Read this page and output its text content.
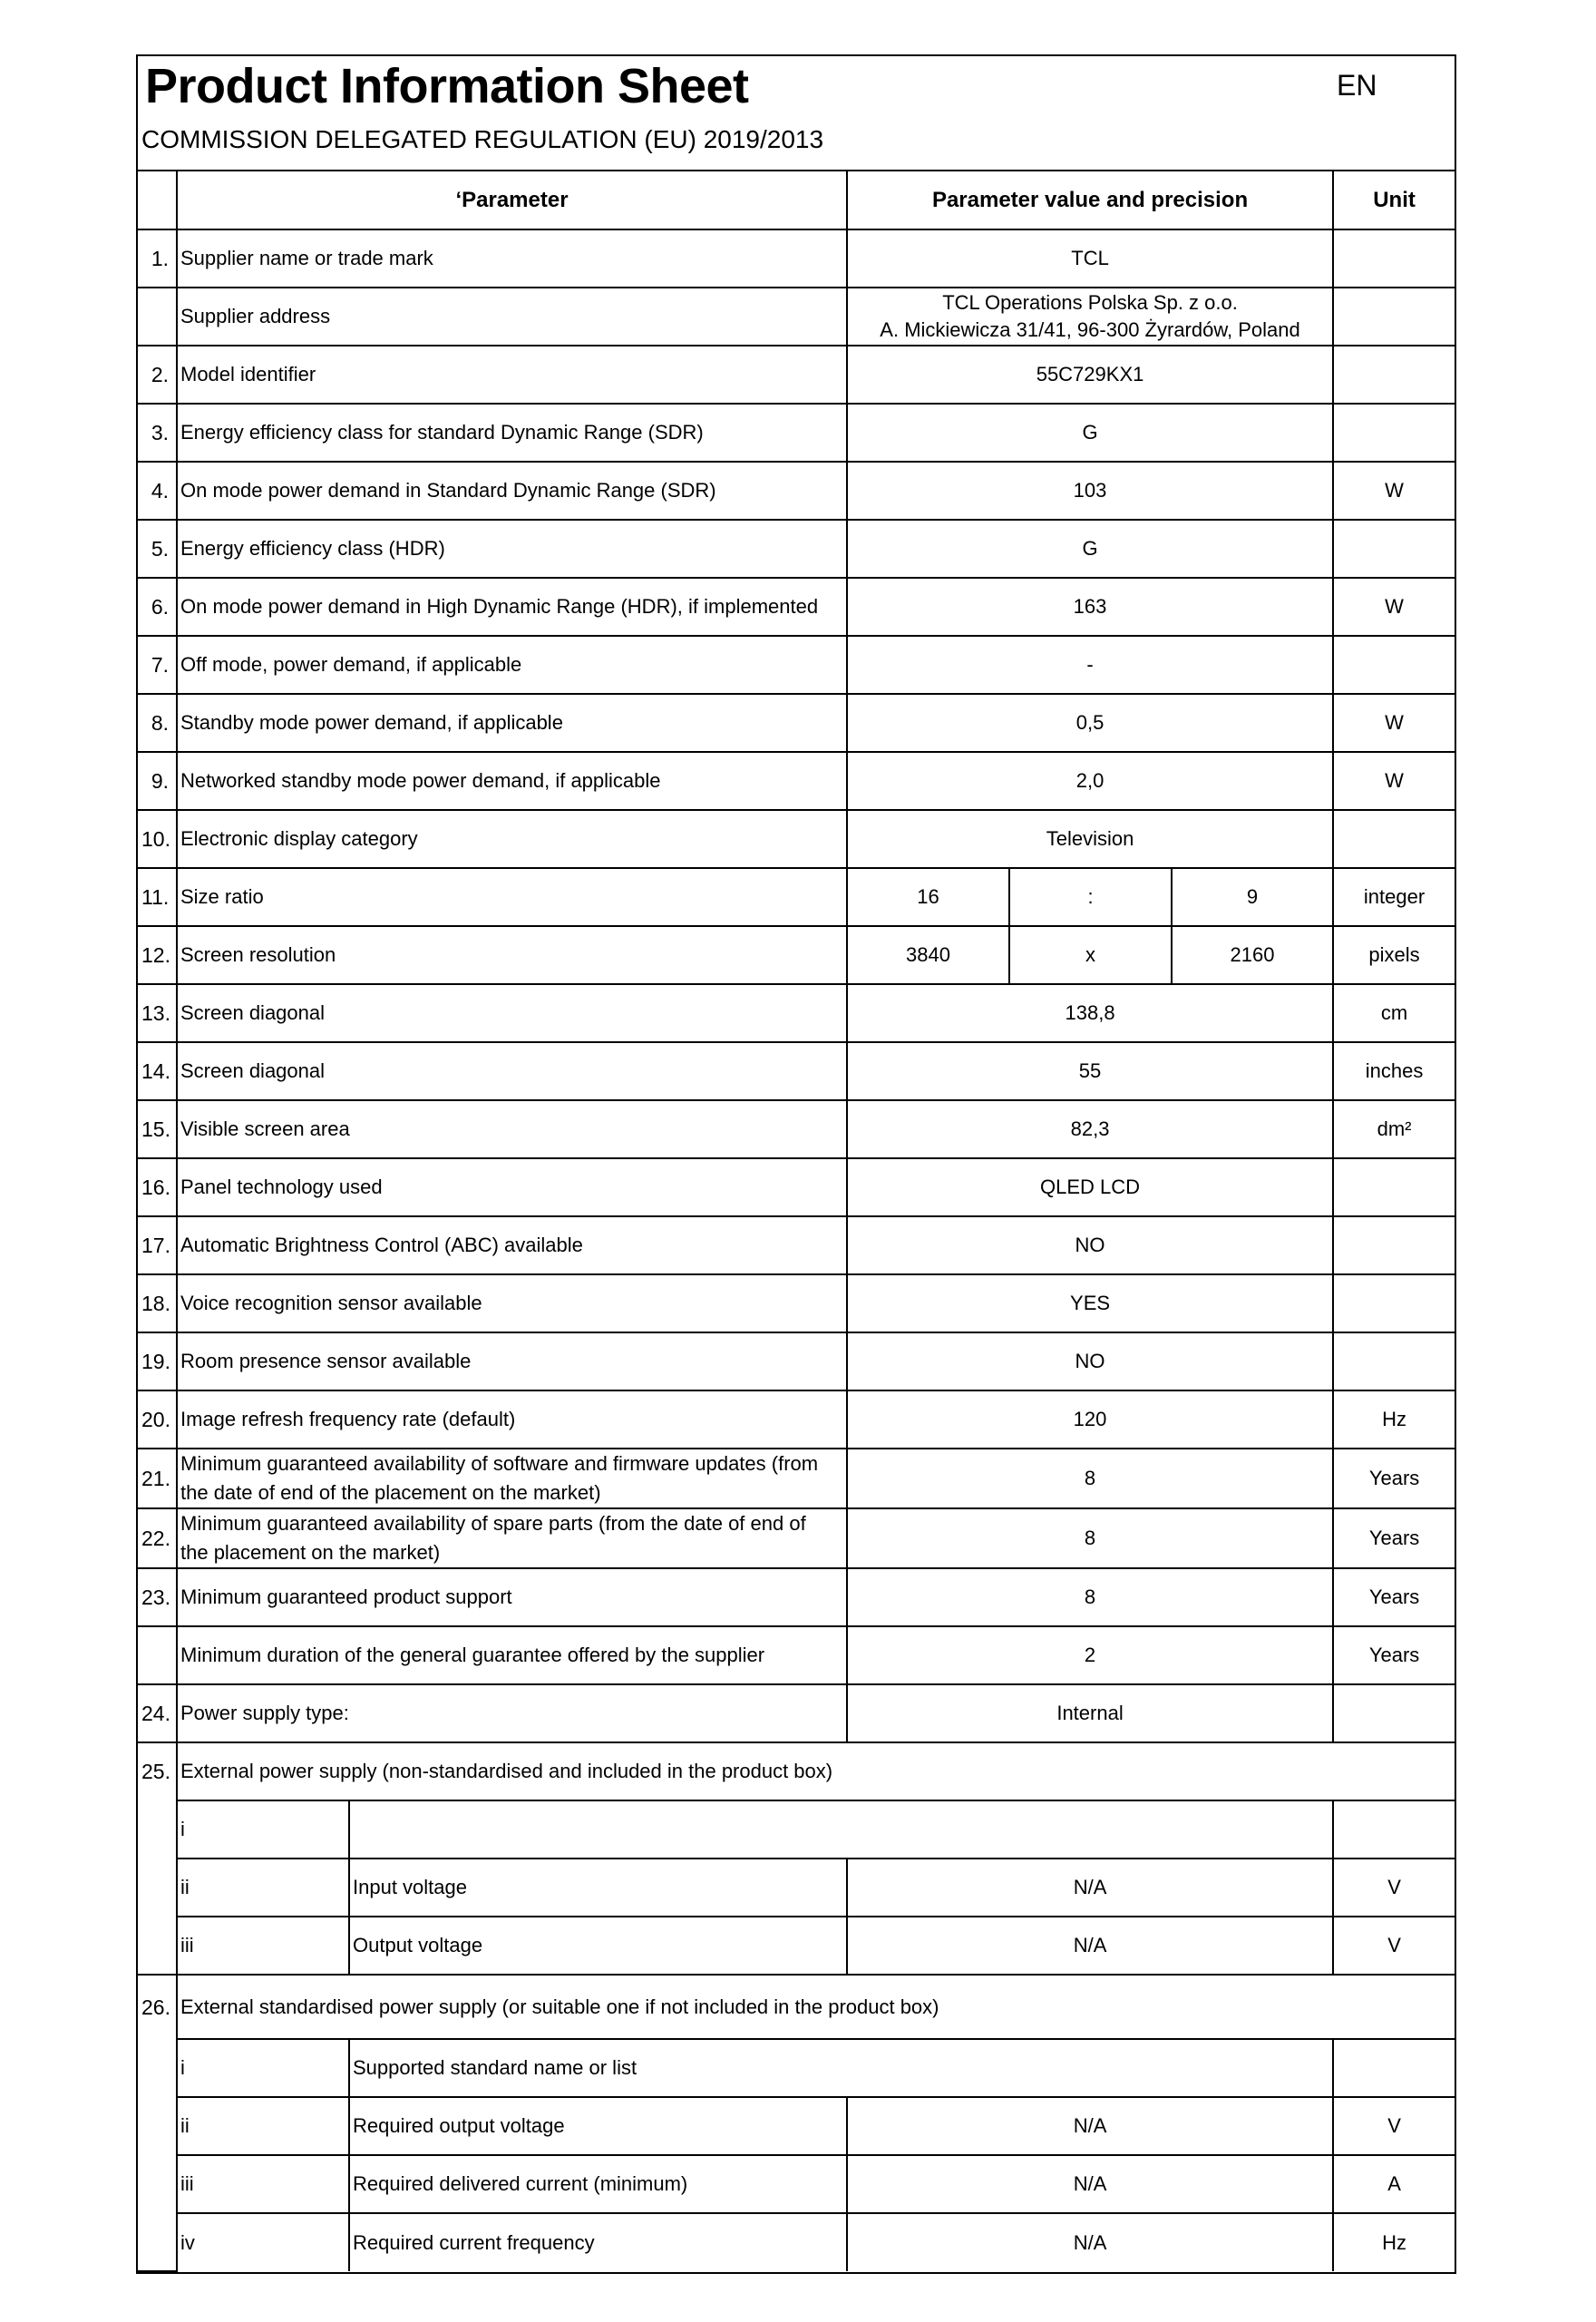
Product Information Sheet	EN
COMMISSION DELEGATED REGULATION (EU) 2019/2013
	‘Parameter		Parameter value and precision			Unit
1.	Supplier name or trade mark		TCL			
	Supplier address		TCL Operations Polska Sp. z o.o.
A. Mickiewicza 31/41, 96-300 Żyrardów, Poland			

2.	Model identifier		55C729KX1			
3.	Energy efficiency class for standard Dynamic Range (SDR)		G			
4.	On mode power demand in Standard Dynamic Range (SDR)		103			W
5.	Energy efficiency class (HDR)		G			
6.	On mode power demand in High Dynamic Range (HDR), if implemented		163			W
7.	Off mode, power demand, if applicable		-			
8.	Standby mode power demand, if applicable		0,5			W
9.	Networked standby mode power demand, if applicable		2,0			W
10.	Electronic display category		Television			
11.	Size ratio		16	:	9	integer
12.	Screen resolution		3840	x	2160	pixels
13.	Screen diagonal		138,8			cm
14.	Screen diagonal		55			inches
15.	Visible screen area		82,3			dm²
16.	Panel technology used		QLED LCD			
17.	Automatic Brightness Control (ABC) available		NO			
18.	Voice recognition sensor available		YES			
19.	Room presence sensor available		NO			
20.	Image refresh frequency rate (default)		120			Hz
21.	Minimum guaranteed availability of software and firmware updates (from
the date of end of the placement on the market)		8			Years
22.	Minimum guaranteed availability of spare parts (from the date of end of
the placement on the market)		8			Years
23.	Minimum guaranteed product support		8			Years
	Minimum duration of the general guarantee offered by the supplier		2			Years
24.	Power supply type:		Internal			
25.	External power supply (non-standardised and included in the product box)					
	i					
	ii	Input voltage	N/A			V
	iii	Output voltage	N/A			V
26.	External standardised power supply (or suitable one if not included in the product box)					
	i	Supported standard name or list				
	ii	Required output voltage	N/A			V
	iii	Required delivered current (minimum)	N/A			A
	iv	Required current frequency	N/A			Hz
